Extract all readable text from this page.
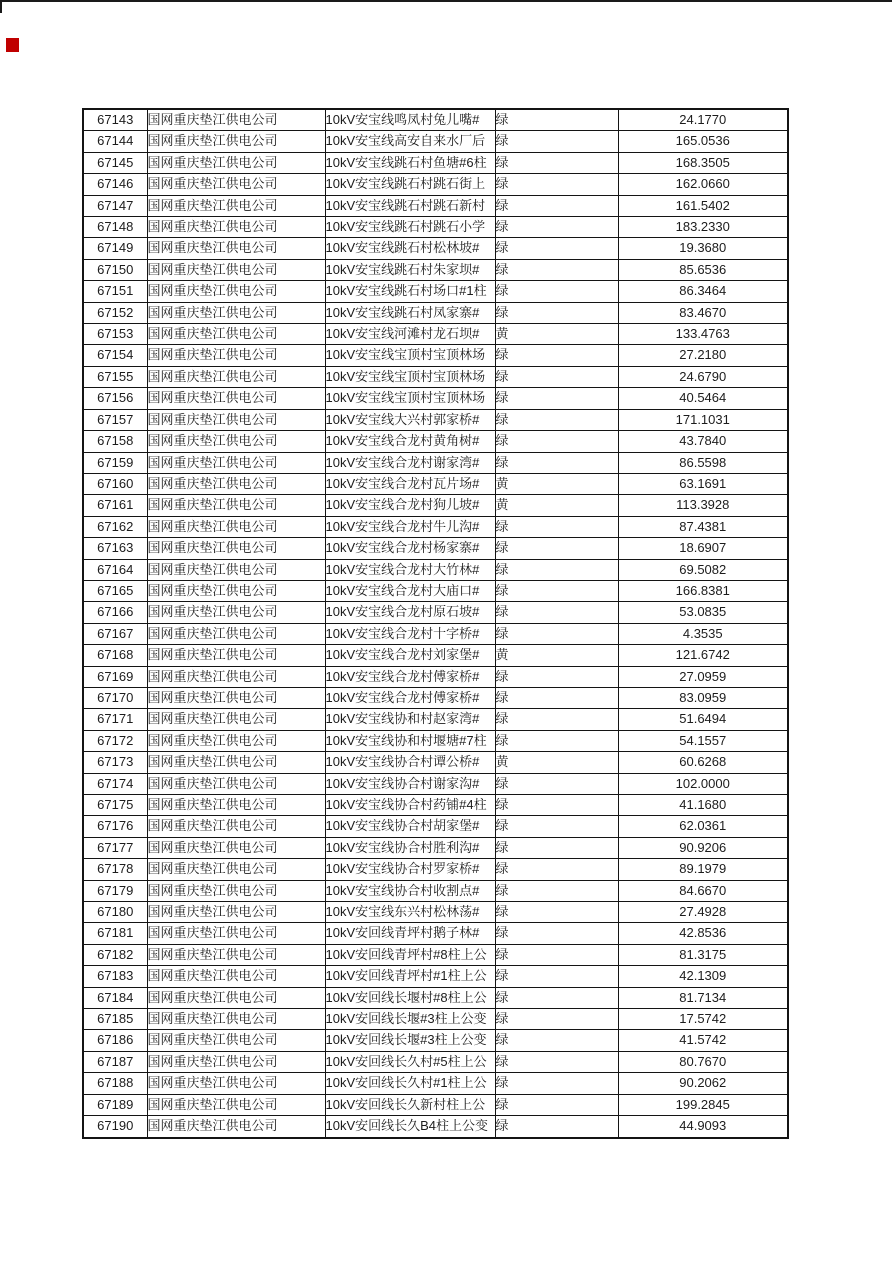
67143	国网重庆垫江供电公司	10kV安宝线鸣凤村兔儿嘴#	绿	24.1770
67144	国网重庆垫江供电公司	10kV安宝线高安自来水厂后	绿	165.0536
67145	国网重庆垫江供电公司	10kV安宝线跳石村鱼塘#6柱	绿	168.3505
67146	国网重庆垫江供电公司	10kV安宝线跳石村跳石街上	绿	162.0660
67147	国网重庆垫江供电公司	10kV安宝线跳石村跳石新村	绿	161.5402
67148	国网重庆垫江供电公司	10kV安宝线跳石村跳石小学	绿	183.2330
67149	国网重庆垫江供电公司	10kV安宝线跳石村松林坡#	绿	19.3680
67150	国网重庆垫江供电公司	10kV安宝线跳石村朱家坝#	绿	85.6536
67151	国网重庆垫江供电公司	10kV安宝线跳石村场口#1柱	绿	86.3464
67152	国网重庆垫江供电公司	10kV安宝线跳石村凤家寨#	绿	83.4670
67153	国网重庆垫江供电公司	10kV安宝线河滩村龙石坝#	黄	133.4763
67154	国网重庆垫江供电公司	10kV安宝线宝顶村宝顶林场	绿	27.2180
67155	国网重庆垫江供电公司	10kV安宝线宝顶村宝顶林场	绿	24.6790
67156	国网重庆垫江供电公司	10kV安宝线宝顶村宝顶林场	绿	40.5464
67157	国网重庆垫江供电公司	10kV安宝线大兴村郭家桥#	绿	171.1031
67158	国网重庆垫江供电公司	10kV安宝线合龙村黄角树#	绿	43.7840
67159	国网重庆垫江供电公司	10kV安宝线合龙村谢家湾#	绿	86.5598
67160	国网重庆垫江供电公司	10kV安宝线合龙村瓦片场#	黄	63.1691
67161	国网重庆垫江供电公司	10kV安宝线合龙村狗儿坡#	黄	113.3928
67162	国网重庆垫江供电公司	10kV安宝线合龙村牛儿沟#	绿	87.4381
67163	国网重庆垫江供电公司	10kV安宝线合龙村杨家寨#	绿	18.6907
67164	国网重庆垫江供电公司	10kV安宝线合龙村大竹林#	绿	69.5082
67165	国网重庆垫江供电公司	10kV安宝线合龙村大庙口#	绿	166.8381
67166	国网重庆垫江供电公司	10kV安宝线合龙村原石坡#	绿	53.0835
67167	国网重庆垫江供电公司	10kV安宝线合龙村十字桥#	绿	4.3535
67168	国网重庆垫江供电公司	10kV安宝线合龙村刘家堡#	黄	121.6742
67169	国网重庆垫江供电公司	10kV安宝线合龙村傅家桥#	绿	27.0959
67170	国网重庆垫江供电公司	10kV安宝线合龙村傅家桥#	绿	83.0959
67171	国网重庆垫江供电公司	10kV安宝线协和村赵家湾#	绿	51.6494
67172	国网重庆垫江供电公司	10kV安宝线协和村堰塘#7柱	绿	54.1557
67173	国网重庆垫江供电公司	10kV安宝线协合村谭公桥#	黄	60.6268
67174	国网重庆垫江供电公司	10kV安宝线协合村谢家沟#	绿	102.0000
67175	国网重庆垫江供电公司	10kV安宝线协合村药铺#4柱	绿	41.1680
67176	国网重庆垫江供电公司	10kV安宝线协合村胡家堡#	绿	62.0361
67177	国网重庆垫江供电公司	10kV安宝线协合村胜利沟#	绿	90.9206
67178	国网重庆垫江供电公司	10kV安宝线协合村罗家桥#	绿	89.1979
67179	国网重庆垫江供电公司	10kV安宝线协合村收割点#	绿	84.6670
67180	国网重庆垫江供电公司	10kV安宝线东兴村松林荡#	绿	27.4928
67181	国网重庆垫江供电公司	10kV安回线青坪村鹅子林#	绿	42.8536
67182	国网重庆垫江供电公司	10kV安回线青坪村#8柱上公	绿	81.3175
67183	国网重庆垫江供电公司	10kV安回线青坪村#1柱上公	绿	42.1309
67184	国网重庆垫江供电公司	10kV安回线长堰村#8柱上公	绿	81.7134
67185	国网重庆垫江供电公司	10kV安回线长堰#3柱上公变	绿	17.5742
67186	国网重庆垫江供电公司	10kV安回线长堰#3柱上公变	绿	41.5742
67187	国网重庆垫江供电公司	10kV安回线长久村#5柱上公	绿	80.7670
67188	国网重庆垫江供电公司	10kV安回线长久村#1柱上公	绿	90.2062
67189	国网重庆垫江供电公司	10kV安回线长久新村柱上公	绿	199.2845
67190	国网重庆垫江供电公司	10kV安回线长久B4柱上公变	绿	44.9093
